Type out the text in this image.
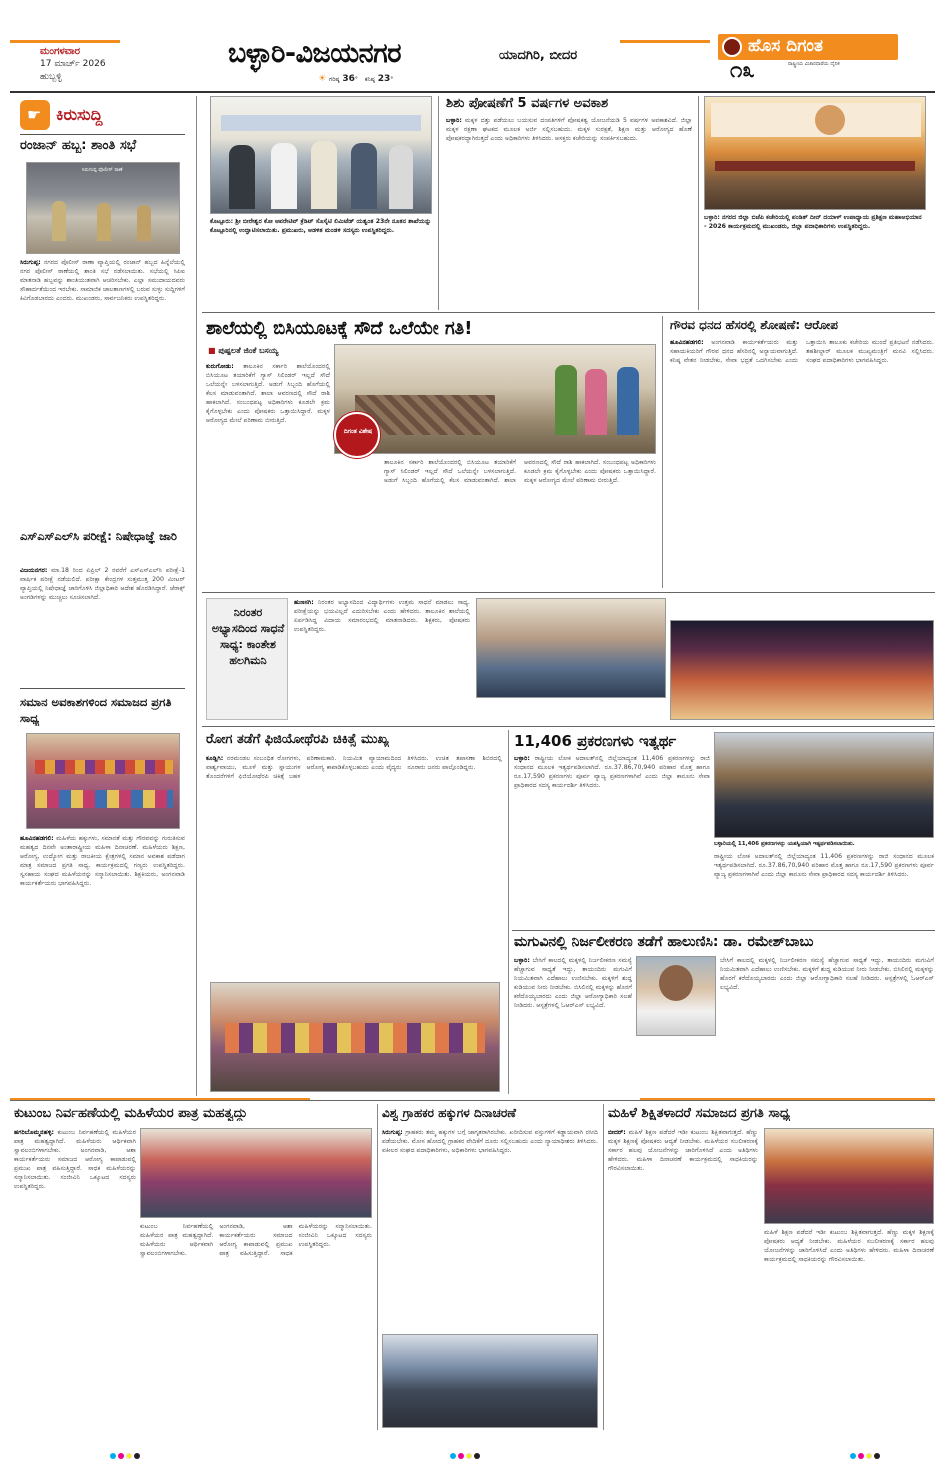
ಮಂಗಳವಾರ
17 ಮಾರ್ಚ್ 2026
ಹುಬ್ಬಳ್ಳಿ
ಬಳ್ಳಾರಿ-ವಿಜಯನಗರ	ಯಾದಗಿರಿ, ಬೀದರ
☀ ಗರಿಷ್ಠ 36° ಕನಿಷ್ಠ 23°
ಹೊಸ ದಿಗಂತ
ರಾಷ್ಟ್ರೀಯ ವಿಚಾರಧಾರೆಯ ದೈನಿಕ
೧೩
☛ ಕಿರುಸುದ್ದಿ
ರಂಜಾನ್ ಹಬ್ಬ: ಶಾಂತಿ ಸಭೆ
ಸಿರುಗುಪ್ಪ ಪೊಲೀಸ್ ಠಾಣೆ
ಸಿರುಗುಪ್ಪ: ನಗರದ ಪೊಲೀಸ್ ಠಾಣಾ ವ್ಯಾಪ್ತಿಯಲ್ಲಿ ರಂಜಾನ್ ಹಬ್ಬದ ಹಿನ್ನೆಲೆಯಲ್ಲಿ ನಗರ ಪೊಲೀಸ್ ಠಾಣೆಯಲ್ಲಿ ಶಾಂತಿ ಸಭೆ ನಡೆಸಲಾಯಿತು. ಸಭೆಯಲ್ಲಿ ಸಿಪಿಐ ಮಾತನಾಡಿ ಹಬ್ಬವನ್ನು ಶಾಂತಿಯುತವಾಗಿ ಆಚರಿಸಬೇಕು. ಎಲ್ಲಾ ಸಮುದಾಯದವರು ಸೌಹಾರ್ದತೆಯಿಂದ ಇರಬೇಕು. ಸಾಮಾಜಿಕ ಜಾಲತಾಣಗಳಲ್ಲಿ ಬರುವ ಸುಳ್ಳು ಸುದ್ದಿಗಳಿಗೆ ಕಿವಿಗೊಡಬಾರದು ಎಂದರು. ಮುಖಂಡರು, ಸಾರ್ವಜನಿಕರು ಉಪಸ್ಥಿತರಿದ್ದರು.
ಎಸ್‌ಎಸ್‌ಎಲ್‌ಸಿ ಪರೀಕ್ಷೆ: ನಿಷೇಧಾಜ್ಞೆ ಜಾರಿ
ವಿಜಯನಗರ: ಮಾ.18 ರಿಂದ ಏಪ್ರಿಲ್ 2 ರವರೆಗೆ ಎಸ್‌ಎಸ್‌ಎಲ್‌ಸಿ ಪರೀಕ್ಷೆ-1 ವಾರ್ಷಿಕ ಪರೀಕ್ಷೆ ನಡೆಯಲಿದೆ. ಪರೀಕ್ಷಾ ಕೇಂದ್ರಗಳ ಸುತ್ತಮುತ್ತ 200 ಮೀಟರ್ ವ್ಯಾಪ್ತಿಯಲ್ಲಿ ನಿಷೇಧಾಜ್ಞೆ ಜಾರಿಗೊಳಿಸಿ ಜಿಲ್ಲಾಧಿಕಾರಿ ಆದೇಶ ಹೊರಡಿಸಿದ್ದಾರೆ. ಜೆರಾಕ್ಸ್ ಅಂಗಡಿಗಳನ್ನು ಮುಚ್ಚಲು ಸೂಚಿಸಲಾಗಿದೆ.
ಸಮಾನ ಅವಕಾಶಗಳಿಂದ ಸಮಾಜದ ಪ್ರಗತಿ ಸಾಧ್ಯ
ಹೂವಿನಹಡಗಲಿ: ಮಹಿಳೆಯ ಹಕ್ಕುಗಳು, ಸಮಾನತೆ ಮತ್ತು ಗೌರವವನ್ನು ಗುರುತಿಸುವ ಮಹತ್ವದ ದಿನವೇ ಅಂತಾರಾಷ್ಟ್ರೀಯ ಮಹಿಳಾ ದಿನಾಚರಣೆ. ಮಹಿಳೆಯರು ಶಿಕ್ಷಣ, ಆರೋಗ್ಯ, ಉದ್ಯೋಗ ಮತ್ತು ರಾಜಕೀಯ ಕ್ಷೇತ್ರಗಳಲ್ಲಿ ಸಮಾನ ಅವಕಾಶ ಪಡೆದಾಗ ಮಾತ್ರ ಸಮಾಜದ ಪ್ರಗತಿ ಸಾಧ್ಯ. ಕಾರ್ಯಕ್ರಮದಲ್ಲಿ ಗಣ್ಯರು ಉಪಸ್ಥಿತರಿದ್ದರು. ಸ್ವಸಹಾಯ ಸಂಘದ ಮಹಿಳೆಯರನ್ನು ಸನ್ಮಾನಿಸಲಾಯಿತು. ಶಿಕ್ಷಕಿಯರು, ಅಂಗನವಾಡಿ ಕಾರ್ಯಕರ್ತೆಯರು ಭಾಗವಹಿಸಿದ್ದರು.
ಕೊಟ್ಟೂರು: ಶ್ರೀ ಬೀರೇಶ್ವರ ಕೋ ಆಪರೇಟಿವ್ ಕ್ರೆಡಿಟ್ ಸೊಸೈಟಿ ಲಿಮಿಟೆಡ್ ಯಶ್ವಂತ 23ನೇ ನೂತನ ಶಾಖೆಯನ್ನು ಕೊಟ್ಟೂರಿನಲ್ಲಿ ಉದ್ಘಾಟಿಸಲಾಯಿತು. ಪ್ರಮುಖರು, ಆಡಳಿತ ಮಂಡಳಿ ಸದಸ್ಯರು ಉಪಸ್ಥಿತರಿದ್ದರು.
ಶಿಶು ಪೋಷಣೆಗೆ 5 ವರ್ಷಗಳ ಅವಕಾಶ
ಬಳ್ಳಾರಿ: ಮಕ್ಕಳ ದತ್ತು ಪಡೆಯಲು ಬಯಸುವ ದಂಪತಿಗಳಿಗೆ ಪೋಷಕತ್ವ ಯೋಜನೆಯಡಿ 5 ವರ್ಷಗಳ ಅವಕಾಶವಿದೆ. ಜಿಲ್ಲಾ ಮಕ್ಕಳ ರಕ್ಷಣಾ ಘಟಕದ ಮೂಲಕ ಅರ್ಜಿ ಸಲ್ಲಿಸಬಹುದು. ಮಕ್ಕಳ ಸುರಕ್ಷತೆ, ಶಿಕ್ಷಣ ಮತ್ತು ಆರೋಗ್ಯದ ಹೊಣೆ ಪೋಷಕರದ್ದಾಗಿರುತ್ತದೆ ಎಂದು ಅಧಿಕಾರಿಗಳು ತಿಳಿಸಿದರು. ಆಸಕ್ತರು ಕಚೇರಿಯನ್ನು ಸಂಪರ್ಕಿಸಬಹುದು.
ಬಳ್ಳಾರಿ: ನಗರದ ಜಿಲ್ಲಾ ಬಿಜೆಪಿ ಕಚೇರಿಯಲ್ಲಿ ಪಂಡಿತ್ ದೀನ್ ದಯಾಳ್ ಉಪಾಧ್ಯಾಯ ಪ್ರಶಿಕ್ಷಣ ಮಹಾಅಭಿಯಾನ - 2026 ಕಾರ್ಯಕ್ರಮದಲ್ಲಿ ಮುಖಂಡರು, ಜಿಲ್ಲಾ ಪದಾಧಿಕಾರಿಗಳು ಉಪಸ್ಥಿತರಿದ್ದರು.
ಶಾಲೆಯಲ್ಲಿ ಬಿಸಿಯೂಟಕ್ಕೆ ಸೌದೆ ಒಲೆಯೇ ಗತಿ!
■ ಪುಷ್ಪಲತೆ ಜಿಂಕೆ ಬಸಯ್ಯ
ಕುರುಗೋಡು: ತಾಲೂಕಿನ ಸರ್ಕಾರಿ ಶಾಲೆಯೊಂದರಲ್ಲಿ ಬಿಸಿಯೂಟ ತಯಾರಿಕೆಗೆ ಗ್ಯಾಸ್ ಸಿಲಿಂಡರ್ ಇಲ್ಲದೆ ಸೌದೆ ಒಲೆಯನ್ನೇ ಬಳಸಲಾಗುತ್ತಿದೆ. ಅಡುಗೆ ಸಿಬ್ಬಂದಿ ಹೊಗೆಯಲ್ಲಿ ಕೆಲಸ ಮಾಡುವಂತಾಗಿದೆ. ಶಾಲಾ ಆವರಣದಲ್ಲಿ ಸೌದೆ ರಾಶಿ ಹಾಕಲಾಗಿದೆ. ಸಂಬಂಧಪಟ್ಟ ಅಧಿಕಾರಿಗಳು ಕೂಡಲೇ ಕ್ರಮ ಕೈಗೊಳ್ಳಬೇಕು ಎಂದು ಪೋಷಕರು ಒತ್ತಾಯಿಸಿದ್ದಾರೆ. ಮಕ್ಕಳ ಆರೋಗ್ಯದ ಮೇಲೆ ಪರಿಣಾಮ ಬೀರುತ್ತಿದೆ.
ದಿಗಂತ ವಿಶೇಷ
ತಾಲೂಕಿನ ಸರ್ಕಾರಿ ಶಾಲೆಯೊಂದರಲ್ಲಿ ಬಿಸಿಯೂಟ ತಯಾರಿಕೆಗೆ ಗ್ಯಾಸ್ ಸಿಲಿಂಡರ್ ಇಲ್ಲದೆ ಸೌದೆ ಒಲೆಯನ್ನೇ ಬಳಸಲಾಗುತ್ತಿದೆ. ಅಡುಗೆ ಸಿಬ್ಬಂದಿ ಹೊಗೆಯಲ್ಲಿ ಕೆಲಸ ಮಾಡುವಂತಾಗಿದೆ. ಶಾಲಾ ಆವರಣದಲ್ಲಿ ಸೌದೆ ರಾಶಿ ಹಾಕಲಾಗಿದೆ. ಸಂಬಂಧಪಟ್ಟ ಅಧಿಕಾರಿಗಳು ಕೂಡಲೇ ಕ್ರಮ ಕೈಗೊಳ್ಳಬೇಕು ಎಂದು ಪೋಷಕರು ಒತ್ತಾಯಿಸಿದ್ದಾರೆ. ಮಕ್ಕಳ ಆರೋಗ್ಯದ ಮೇಲೆ ಪರಿಣಾಮ ಬೀರುತ್ತಿದೆ.
ಗೌರವ ಧನದ ಹೆಸರಲ್ಲಿ ಶೋಷಣೆ: ಆರೋಪ
ಹೂವಿನಹಡಗಲಿ: ಅಂಗನವಾಡಿ ಕಾರ್ಯಕರ್ತೆಯರು ಮತ್ತು ಸಹಾಯಕಿಯರಿಗೆ ಗೌರವ ಧನದ ಹೆಸರಿನಲ್ಲಿ ಅನ್ಯಾಯವಾಗುತ್ತಿದೆ. ಕನಿಷ್ಠ ವೇತನ ನೀಡಬೇಕು, ಸೇವಾ ಭದ್ರತೆ ಒದಗಿಸಬೇಕು ಎಂದು ಒತ್ತಾಯಿಸಿ ತಾಲೂಕು ಕಚೇರಿಯ ಮುಂದೆ ಪ್ರತಿಭಟನೆ ನಡೆಸಿದರು. ತಹಶೀಲ್ದಾರ್ ಮೂಲಕ ಮುಖ್ಯಮಂತ್ರಿಗೆ ಮನವಿ ಸಲ್ಲಿಸಿದರು. ಸಂಘದ ಪದಾಧಿಕಾರಿಗಳು ಭಾಗವಹಿಸಿದ್ದರು.
ನಿರಂತರ ಅಭ್ಯಾಸದಿಂದ ಸಾಧನೆ ಸಾಧ್ಯ: ಕಾಂತೇಶ ಹಲಗಿಮನಿ
ಹುಣಸಗಿ: ನಿರಂತರ ಅಭ್ಯಾಸದಿಂದ ವಿದ್ಯಾರ್ಥಿಗಳು ಉತ್ತಮ ಸಾಧನೆ ಮಾಡಲು ಸಾಧ್ಯ. ಪರೀಕ್ಷೆಯನ್ನು ಭಯವಿಲ್ಲದೆ ಎದುರಿಸಬೇಕು ಎಂದು ಹೇಳಿದರು. ತಾಲೂಕಿನ ಶಾಲೆಯಲ್ಲಿ ಏರ್ಪಡಿಸಿದ್ದ ವಿದಾಯ ಸಮಾರಂಭದಲ್ಲಿ ಮಾತನಾಡಿದರು. ಶಿಕ್ಷಕರು, ಪೋಷಕರು ಉಪಸ್ಥಿತರಿದ್ದರು.
ರೋಗ ತಡೆಗೆ ಫಿಜಿಯೋಥೆರಪಿ ಚಿಕಿತ್ಸೆ ಮುಖ್ಯ
ಕೂಡ್ಲಿಗಿ: ನರಮಂಡಲ ಸಂಬಂಧಿತ ರೋಗಗಳು, ಪಾರ್ಶ್ವವಾಯು, ಮೂಳೆ ಮತ್ತು ಸ್ನಾಯುಗಳ ತೊಂದರೆಗಳಿಗೆ ಫಿಜಿಯೋಥೆರಪಿ ಚಿಕಿತ್ಸೆ ಬಹಳ ಪರಿಣಾಮಕಾರಿ. ನಿಯಮಿತ ವ್ಯಾಯಾಮದಿಂದ ಆರೋಗ್ಯ ಕಾಪಾಡಿಕೊಳ್ಳಬಹುದು ಎಂದು ವೈದ್ಯರು ತಿಳಿಸಿದರು. ಉಚಿತ ತಪಾಸಣಾ ಶಿಬಿರದಲ್ಲಿ ನೂರಾರು ಜನರು ಪಾಲ್ಗೊಂಡಿದ್ದರು.
11,406 ಪ್ರಕರಣಗಳು ಇತ್ಯರ್ಥ
ಬಳ್ಳಾರಿ: ರಾಷ್ಟ್ರೀಯ ಲೋಕ ಅದಾಲತ್‌ನಲ್ಲಿ ಜಿಲ್ಲೆಯಾದ್ಯಂತ 11,406 ಪ್ರಕರಣಗಳನ್ನು ರಾಜಿ ಸಂಧಾನದ ಮೂಲಕ ಇತ್ಯರ್ಥಪಡಿಸಲಾಗಿದೆ. ರೂ.37.86,70,940 ಪರಿಹಾರ ಮೊತ್ತ ಹಾಗೂ ರೂ.17,590 ಪ್ರಕರಣಗಳು ಪೂರ್ವ ವ್ಯಾಜ್ಯ ಪ್ರಕರಣಗಳಾಗಿವೆ ಎಂದು ಜಿಲ್ಲಾ ಕಾನೂನು ಸೇವಾ ಪ್ರಾಧಿಕಾರದ ಸದಸ್ಯ ಕಾರ್ಯದರ್ಶಿ ತಿಳಿಸಿದರು.
ಬಳ್ಳಾರಿಯಲ್ಲಿ 11,406 ಪ್ರಕರಣಗಳನ್ನು ಯಶಸ್ವಿಯಾಗಿ ಇತ್ಯರ್ಥಪಡಿಸಲಾಯಿತು.
ರಾಷ್ಟ್ರೀಯ ಲೋಕ ಅದಾಲತ್‌ನಲ್ಲಿ ಜಿಲ್ಲೆಯಾದ್ಯಂತ 11,406 ಪ್ರಕರಣಗಳನ್ನು ರಾಜಿ ಸಂಧಾನದ ಮೂಲಕ ಇತ್ಯರ್ಥಪಡಿಸಲಾಗಿದೆ. ರೂ.37.86,70,940 ಪರಿಹಾರ ಮೊತ್ತ ಹಾಗೂ ರೂ.17,590 ಪ್ರಕರಣಗಳು ಪೂರ್ವ ವ್ಯಾಜ್ಯ ಪ್ರಕರಣಗಳಾಗಿವೆ ಎಂದು ಜಿಲ್ಲಾ ಕಾನೂನು ಸೇವಾ ಪ್ರಾಧಿಕಾರದ ಸದಸ್ಯ ಕಾರ್ಯದರ್ಶಿ ತಿಳಿಸಿದರು.
ಮಗುವಿನಲ್ಲಿ ನಿರ್ಜಲೀಕರಣ ತಡೆಗೆ ಹಾಲುಣಿಸಿ: ಡಾ. ರಮೇಶ್‌ಬಾಬು
ಬಳ್ಳಾರಿ: ಬೇಸಿಗೆ ಕಾಲದಲ್ಲಿ ಮಕ್ಕಳಲ್ಲಿ ನಿರ್ಜಲೀಕರಣ ಸಮಸ್ಯೆ ಹೆಚ್ಚಾಗುವ ಸಾಧ್ಯತೆ ಇದ್ದು, ತಾಯಂದಿರು ಮಗುವಿಗೆ ನಿಯಮಿತವಾಗಿ ಎದೆಹಾಲು ಉಣಿಸಬೇಕು. ಮಕ್ಕಳಿಗೆ ಶುದ್ಧ ಕುಡಿಯುವ ನೀರು ನೀಡಬೇಕು. ಬಿಸಿಲಿನಲ್ಲಿ ಮಕ್ಕಳನ್ನು ಹೊರಗೆ ಕರೆದೊಯ್ಯಬಾರದು ಎಂದು ಜಿಲ್ಲಾ ಆರೋಗ್ಯಾಧಿಕಾರಿ ಸಲಹೆ ನೀಡಿದರು. ಆಸ್ಪತ್ರೆಗಳಲ್ಲಿ ಓಆರ್‌ಎಸ್ ಲಭ್ಯವಿದೆ.
ಬೇಸಿಗೆ ಕಾಲದಲ್ಲಿ ಮಕ್ಕಳಲ್ಲಿ ನಿರ್ಜಲೀಕರಣ ಸಮಸ್ಯೆ ಹೆಚ್ಚಾಗುವ ಸಾಧ್ಯತೆ ಇದ್ದು, ತಾಯಂದಿರು ಮಗುವಿಗೆ ನಿಯಮಿತವಾಗಿ ಎದೆಹಾಲು ಉಣಿಸಬೇಕು. ಮಕ್ಕಳಿಗೆ ಶುದ್ಧ ಕುಡಿಯುವ ನೀರು ನೀಡಬೇಕು. ಬಿಸಿಲಿನಲ್ಲಿ ಮಕ್ಕಳನ್ನು ಹೊರಗೆ ಕರೆದೊಯ್ಯಬಾರದು ಎಂದು ಜಿಲ್ಲಾ ಆರೋಗ್ಯಾಧಿಕಾರಿ ಸಲಹೆ ನೀಡಿದರು. ಆಸ್ಪತ್ರೆಗಳಲ್ಲಿ ಓಆರ್‌ಎಸ್ ಲಭ್ಯವಿದೆ.
ಕುಟುಂಬ ನಿರ್ವಹಣೆಯಲ್ಲಿ ಮಹಿಳೆಯರ ಪಾತ್ರ ಮಹತ್ವದ್ದು
ಹಗರಿಬೊಮ್ಮನಹಳ್ಳಿ: ಕುಟುಂಬ ನಿರ್ವಹಣೆಯಲ್ಲಿ ಮಹಿಳೆಯರ ಪಾತ್ರ ಮಹತ್ವದ್ದಾಗಿದೆ. ಮಹಿಳೆಯರು ಆರ್ಥಿಕವಾಗಿ ಸ್ವಾವಲಂಬಿಗಳಾಗಬೇಕು. ಅಂಗನವಾಡಿ, ಆಶಾ ಕಾರ್ಯಕರ್ತೆಯರು ಸಮಾಜದ ಆರೋಗ್ಯ ಕಾಪಾಡುವಲ್ಲಿ ಪ್ರಮುಖ ಪಾತ್ರ ವಹಿಸುತ್ತಿದ್ದಾರೆ. ಸಾಧಕ ಮಹಿಳೆಯರನ್ನು ಸನ್ಮಾನಿಸಲಾಯಿತು. ಸಂಜೀವಿನಿ ಒಕ್ಕೂಟದ ಸದಸ್ಯರು ಉಪಸ್ಥಿತರಿದ್ದರು.
ಕುಟುಂಬ ನಿರ್ವಹಣೆಯಲ್ಲಿ ಮಹಿಳೆಯರ ಪಾತ್ರ ಮಹತ್ವದ್ದಾಗಿದೆ. ಮಹಿಳೆಯರು ಆರ್ಥಿಕವಾಗಿ ಸ್ವಾವಲಂಬಿಗಳಾಗಬೇಕು. ಅಂಗನವಾಡಿ, ಆಶಾ ಕಾರ್ಯಕರ್ತೆಯರು ಸಮಾಜದ ಆರೋಗ್ಯ ಕಾಪಾಡುವಲ್ಲಿ ಪ್ರಮುಖ ಪಾತ್ರ ವಹಿಸುತ್ತಿದ್ದಾರೆ. ಸಾಧಕ ಮಹಿಳೆಯರನ್ನು ಸನ್ಮಾನಿಸಲಾಯಿತು. ಸಂಜೀವಿನಿ ಒಕ್ಕೂಟದ ಸದಸ್ಯರು ಉಪಸ್ಥಿತರಿದ್ದರು.
ವಿಶ್ವ ಗ್ರಾಹಕರ ಹಕ್ಕುಗಳ ದಿನಾಚರಣೆ
ಸಿರುಗುಪ್ಪ: ಗ್ರಾಹಕರು ತಮ್ಮ ಹಕ್ಕುಗಳ ಬಗ್ಗೆ ಜಾಗೃತರಾಗಿರಬೇಕು. ಖರೀದಿಸುವ ವಸ್ತುಗಳಿಗೆ ಕಡ್ಡಾಯವಾಗಿ ರಸೀದಿ ಪಡೆಯಬೇಕು. ಮೋಸ ಹೋದಲ್ಲಿ ಗ್ರಾಹಕರ ವೇದಿಕೆಗೆ ದೂರು ಸಲ್ಲಿಸಬಹುದು ಎಂದು ನ್ಯಾಯಾಧೀಶರು ತಿಳಿಸಿದರು. ವಕೀಲರ ಸಂಘದ ಪದಾಧಿಕಾರಿಗಳು, ಅಧಿಕಾರಿಗಳು ಭಾಗವಹಿಸಿದ್ದರು.
ಮಹಿಳೆ ಶಿಕ್ಷಿತಳಾದರೆ ಸಮಾಜದ ಪ್ರಗತಿ ಸಾಧ್ಯ
ಬೀದರ್: ಮಹಿಳೆ ಶಿಕ್ಷಣ ಪಡೆದರೆ ಇಡೀ ಕುಟುಂಬ ಶಿಕ್ಷಿತವಾಗುತ್ತದೆ. ಹೆಣ್ಣು ಮಕ್ಕಳ ಶಿಕ್ಷಣಕ್ಕೆ ಪೋಷಕರು ಆದ್ಯತೆ ನೀಡಬೇಕು. ಮಹಿಳೆಯರ ಸಬಲೀಕರಣಕ್ಕೆ ಸರ್ಕಾರ ಹಲವು ಯೋಜನೆಗಳನ್ನು ಜಾರಿಗೊಳಿಸಿದೆ ಎಂದು ಅತಿಥಿಗಳು ಹೇಳಿದರು. ಮಹಿಳಾ ದಿನಾಚರಣೆ ಕಾರ್ಯಕ್ರಮದಲ್ಲಿ ಸಾಧಕಿಯರನ್ನು ಗೌರವಿಸಲಾಯಿತು.
ಮಹಿಳೆ ಶಿಕ್ಷಣ ಪಡೆದರೆ ಇಡೀ ಕುಟುಂಬ ಶಿಕ್ಷಿತವಾಗುತ್ತದೆ. ಹೆಣ್ಣು ಮಕ್ಕಳ ಶಿಕ್ಷಣಕ್ಕೆ ಪೋಷಕರು ಆದ್ಯತೆ ನೀಡಬೇಕು. ಮಹಿಳೆಯರ ಸಬಲೀಕರಣಕ್ಕೆ ಸರ್ಕಾರ ಹಲವು ಯೋಜನೆಗಳನ್ನು ಜಾರಿಗೊಳಿಸಿದೆ ಎಂದು ಅತಿಥಿಗಳು ಹೇಳಿದರು. ಮಹಿಳಾ ದಿನಾಚರಣೆ ಕಾರ್ಯಕ್ರಮದಲ್ಲಿ ಸಾಧಕಿಯರನ್ನು ಗೌರವಿಸಲಾಯಿತು.
